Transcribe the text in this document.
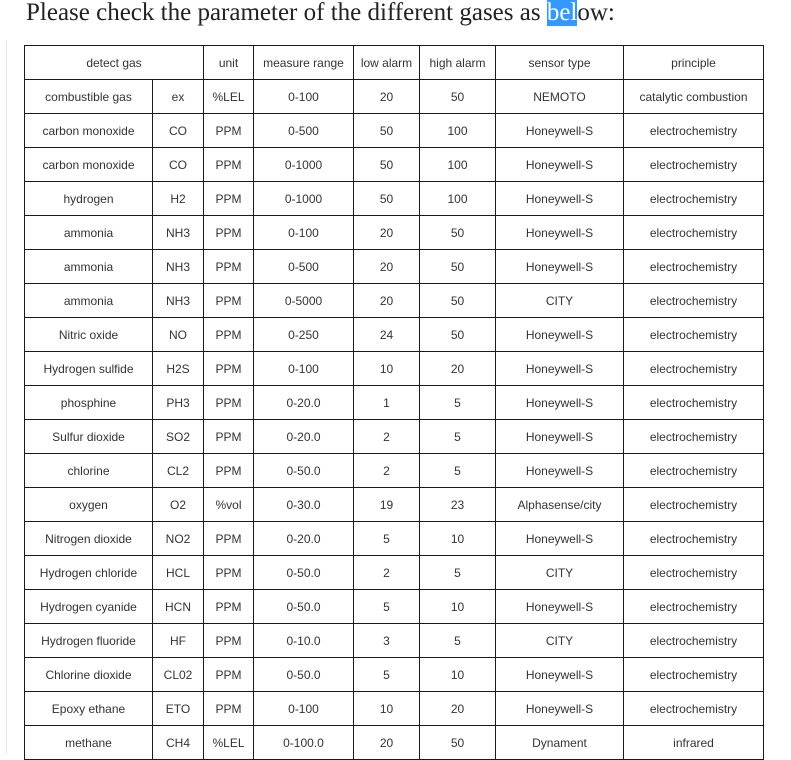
Please check the parameter of the different gases as below:
detect gas		unit	measure range	low alarm	high alarm	sensor type	principle
combustible gas	ex	%LEL	0-100	20	50	NEMOTO	catalytic combustion
carbon monoxide	CO	PPM	0-500	50	100	Honeywell-S	electrochemistry
carbon monoxide	CO	PPM	0-1000	50	100	Honeywell-S	electrochemistry
hydrogen	H2	PPM	0-1000	50	100	Honeywell-S	electrochemistry
ammonia	NH3	PPM	0-100	20	50	Honeywell-S	electrochemistry
ammonia	NH3	PPM	0-500	20	50	Honeywell-S	electrochemistry
ammonia	NH3	PPM	0-5000	20	50	CITY	electrochemistry
Nitric oxide	NO	PPM	0-250	24	50	Honeywell-S	electrochemistry
Hydrogen sulfide	H2S	PPM	0-100	10	20	Honeywell-S	electrochemistry
phosphine	PH3	PPM	0-20.0	1	5	Honeywell-S	electrochemistry
Sulfur dioxide	SO2	PPM	0-20.0	2	5	Honeywell-S	electrochemistry
chlorine	CL2	PPM	0-50.0	2	5	Honeywell-S	electrochemistry
oxygen	O2	%vol	0-30.0	19	23	Alphasense/city	electrochemistry
Nitrogen dioxide	NO2	PPM	0-20.0	5	10	Honeywell-S	electrochemistry
Hydrogen chloride	HCL	PPM	0-50.0	2	5	CITY	electrochemistry
Hydrogen cyanide	HCN	PPM	0-50.0	5	10	Honeywell-S	electrochemistry
Hydrogen fluoride	HF	PPM	0-10.0	3	5	CITY	electrochemistry
Chlorine dioxide	CL02	PPM	0-50.0	5	10	Honeywell-S	electrochemistry
Epoxy ethane	ETO	PPM	0-100	10	20	Honeywell-S	electrochemistry
methane	CH4	%LEL	0-100.0	20	50	Dynament	infrared
